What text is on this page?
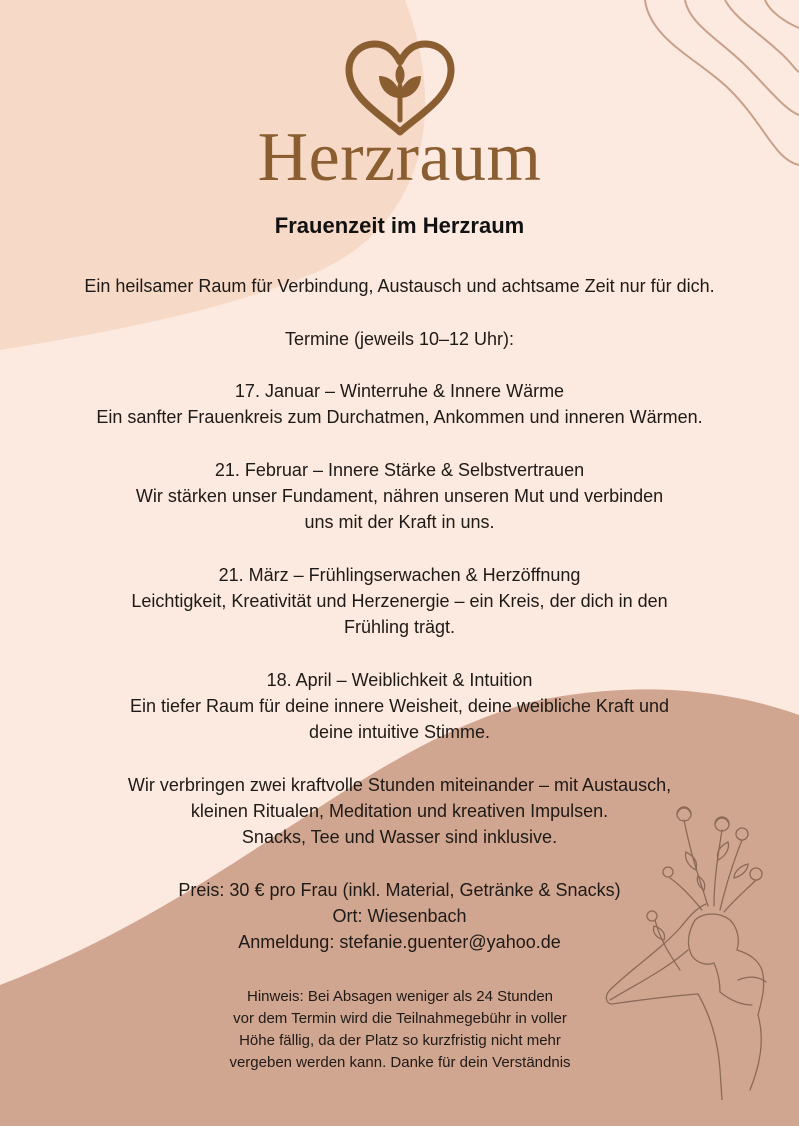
Herzraum
Frauenzeit im Herzraum
Ein heilsamer Raum für Verbindung, Austausch und achtsame Zeit nur für dich.
Termine (jeweils 10–12 Uhr):
17. Januar – Winterruhe & Innere Wärme
Ein sanfter Frauenkreis zum Durchatmen, Ankommen und inneren Wärmen.
21. Februar – Innere Stärke & Selbstvertrauen
Wir stärken unser Fundament, nähren unseren Mut und verbinden
uns mit der Kraft in uns.
21. März – Frühlingserwachen & Herzöffnung
Leichtigkeit, Kreativität und Herzenergie – ein Kreis, der dich in den
Frühling trägt.
18. April – Weiblichkeit & Intuition
Ein tiefer Raum für deine innere Weisheit, deine weibliche Kraft und
deine intuitive Stimme.
Wir verbringen zwei kraftvolle Stunden miteinander – mit Austausch,
kleinen Ritualen, Meditation und kreativen Impulsen.
Snacks, Tee und Wasser sind inklusive.
Preis: 30 € pro Frau (inkl. Material, Getränke & Snacks)
Ort: Wiesenbach
Anmeldung: stefanie.guenter@yahoo.de
Hinweis: Bei Absagen weniger als 24 Stunden
vor dem Termin wird die Teilnahmegebühr in voller
Höhe fällig, da der Platz so kurzfristig nicht mehr
vergeben werden kann. Danke für dein Verständnis
